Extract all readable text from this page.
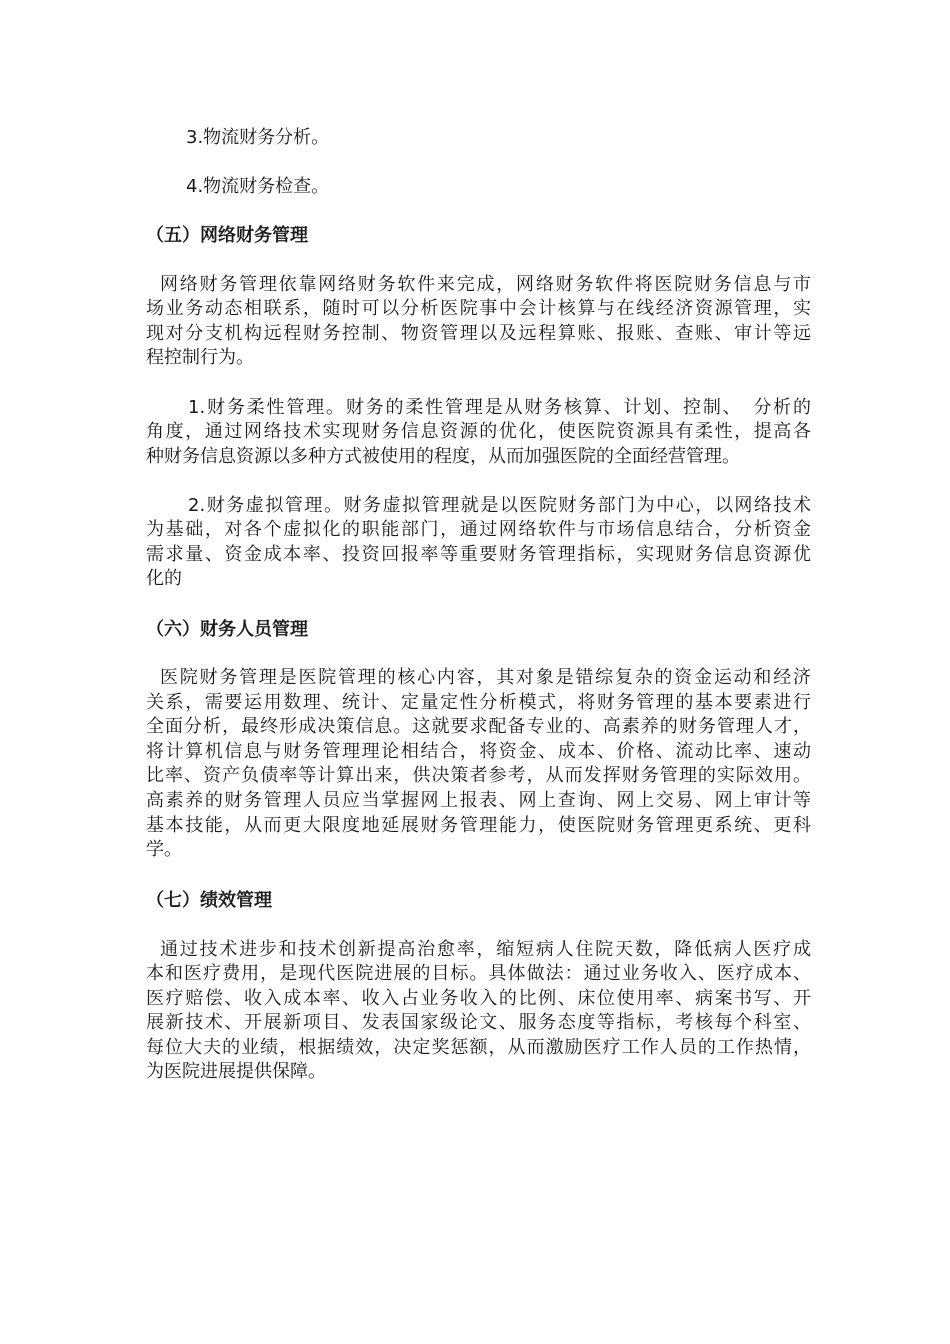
3.物流财务分析。
4.物流财务检查。
（五）网络财务管理
网络财务管理依靠网络财务软件来完成，网络财务软件将医院财务信息与市
场业务动态相联系，随时可以分析医院事中会计核算与在线经济资源管理，实
现对分支机构远程财务控制、物资管理以及远程算账、报账、查账、审计等远
程控制行为。
1.财务柔性管理。财务的柔性管理是从财务核算、计划、控制、　分析的
角度，通过网络技术实现财务信息资源的优化，使医院资源具有柔性，提高各
种财务信息资源以多种方式被使用的程度，从而加强医院的全面经营管理。
2.财务虚拟管理。财务虚拟管理就是以医院财务部门为中心，以网络技术
为基础，对各个虚拟化的职能部门，通过网络软件与市场信息结合，分析资金
需求量、资金成本率、投资回报率等重要财务管理指标，实现财务信息资源优
化的
（六）财务人员管理
医院财务管理是医院管理的核心内容，其对象是错综复杂的资金运动和经济
关系，需要运用数理、统计、定量定性分析模式，将财务管理的基本要素进行
全面分析，最终形成决策信息。这就要求配备专业的、高素养的财务管理人才，
将计算机信息与财务管理理论相结合，将资金、成本、价格、流动比率、速动
比率、资产负债率等计算出来，供决策者参考，从而发挥财务管理的实际效用。
高素养的财务管理人员应当掌握网上报表、网上查询、网上交易、网上审计等
基本技能，从而更大限度地延展财务管理能力，使医院财务管理更系统、更科
学。
（七）绩效管理
通过技术进步和技术创新提高治愈率，缩短病人住院天数，降低病人医疗成
本和医疗费用，是现代医院进展的目标。具体做法：通过业务收入、医疗成本、
医疗赔偿、收入成本率、收入占业务收入的比例、床位使用率、病案书写、开
展新技术、开展新项目、发表国家级论文、服务态度等指标，考核每个科室、
每位大夫的业绩，根据绩效，决定奖惩额，从而激励医疗工作人员的工作热情，
为医院进展提供保障。
